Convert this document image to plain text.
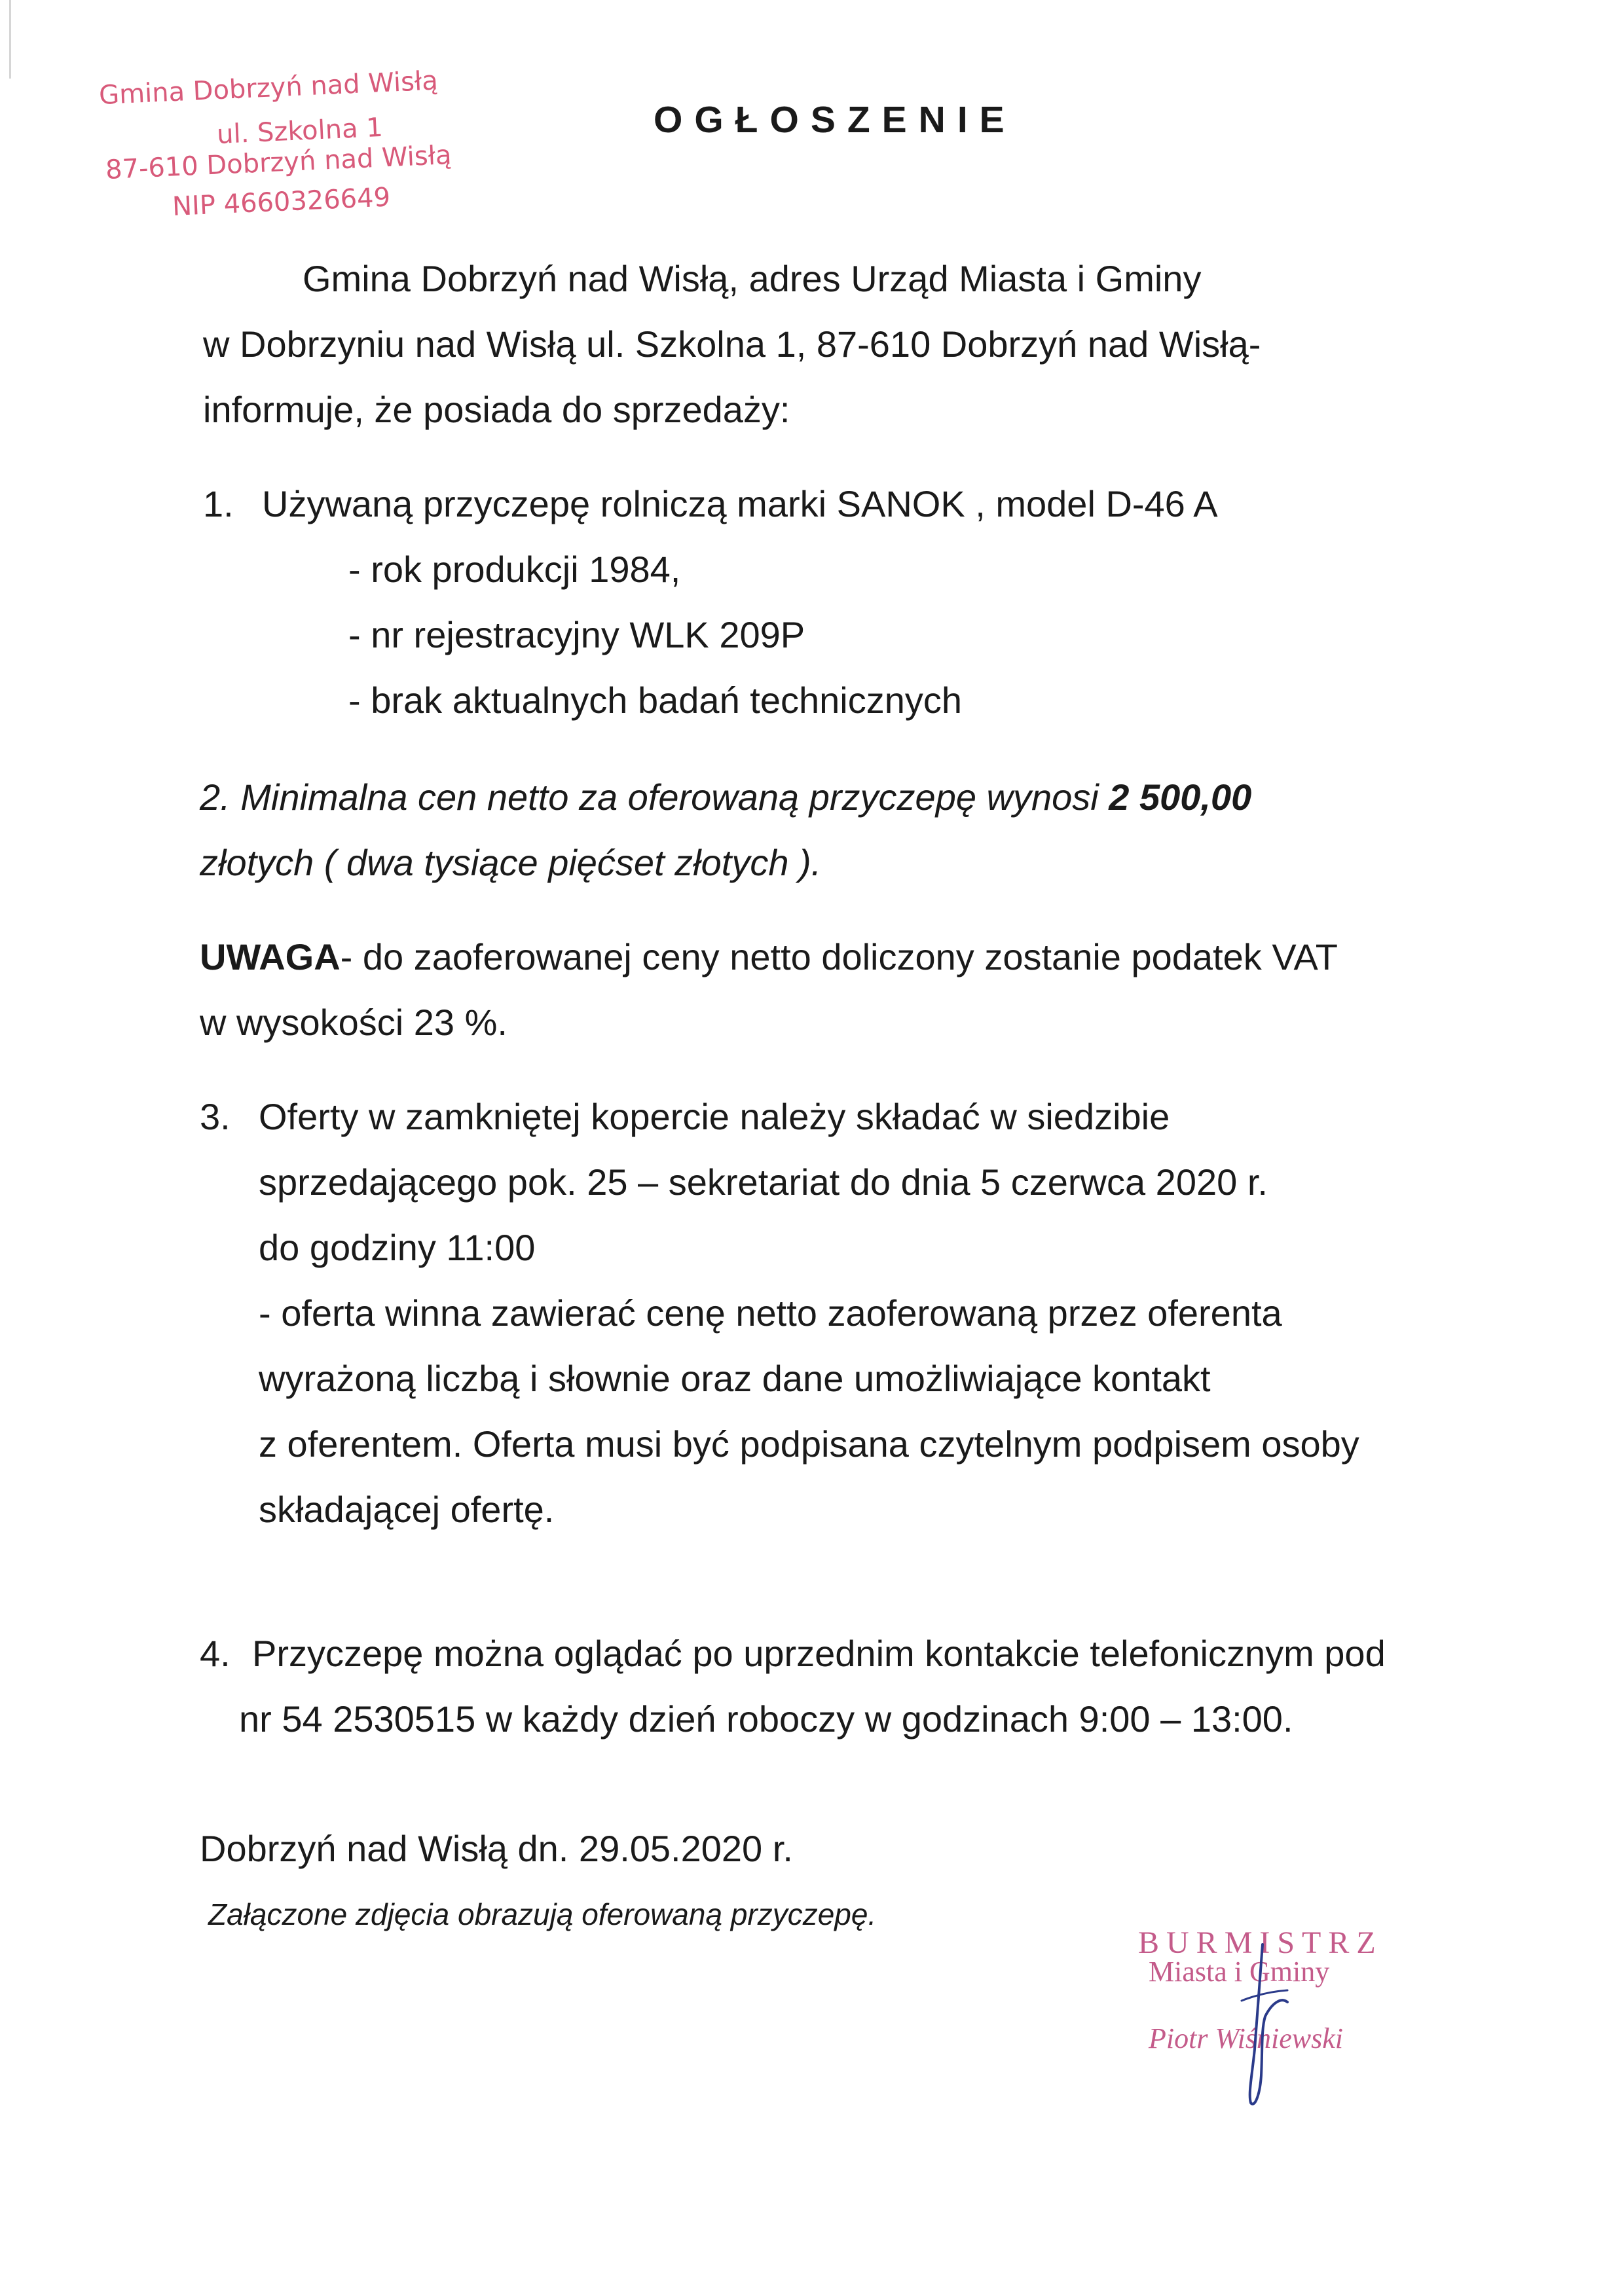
Gmina Dobrzyń nad Wisłą
ul. Szkolna 1
87-610 Dobrzyń nad Wisłą
NIP 4660326649
OGŁOSZENIE
Gmina Dobrzyń nad Wisłą, adres Urząd Miasta i Gminy
w Dobrzyniu nad Wisłą ul. Szkolna 1, 87-610 Dobrzyń nad Wisłą-
informuje, że posiada do sprzedaży:
1. Używaną przyczepę rolniczą marki SANOK , model D-46 A
- rok produkcji 1984,
- nr rejestracyjny WLK 209P
- brak aktualnych badań technicznych
2. Minimalna cen netto za oferowaną przyczepę wynosi 2 500,00
złotych ( dwa tysiące pięćset złotych ).
UWAGA- do zaoferowanej ceny netto doliczony zostanie podatek VAT
w wysokości 23 %.
3. Oferty w zamkniętej kopercie należy składać w siedzibie
sprzedającego pok. 25 – sekretariat do dnia 5 czerwca 2020 r.
do godziny 11:00
- oferta winna zawierać cenę netto zaoferowaną przez oferenta
wyrażoną liczbą i słownie oraz dane umożliwiające kontakt
z oferentem. Oferta musi być podpisana czytelnym podpisem osoby
składającej ofertę.
4. Przyczepę można oglądać po uprzednim kontakcie telefonicznym pod
nr 54 2530515 w każdy dzień roboczy w godzinach 9:00 – 13:00.
Dobrzyń nad Wisłą dn. 29.05.2020 r.
Załączone zdjęcia obrazują oferowaną przyczepę.
BURMISTRZ
Miasta i Gminy
Piotr Wiśniewski
